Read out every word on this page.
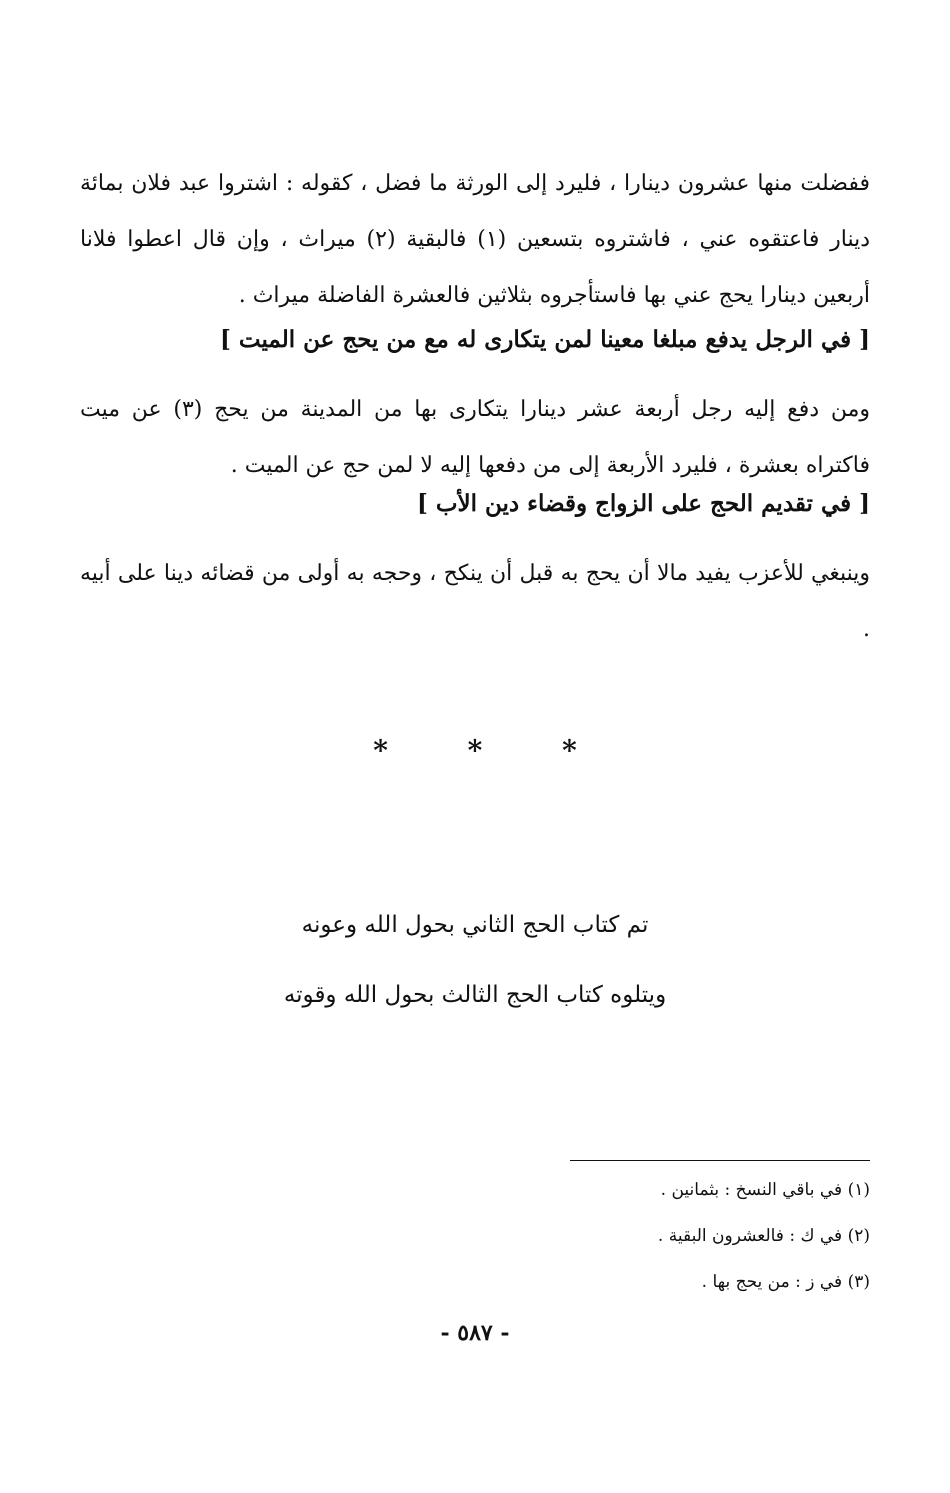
ففضلت منها عشرون دينارا ، فليرد إلى الورثة ما فضل ، كقوله : اشتروا عبد فلان بمائة دينار فاعتقوه عني ، فاشتروه بتسعين (١) فالبقية (٢) ميراث ، وإن قال اعطوا فلانا أربعين دينارا يحج عني بها فاستأجروه بثلاثين فالعشرة الفاضلة ميراث .
[ في الرجل يدفع مبلغا معينا لمن يتكارى له مع من يحج عن الميت ]
ومن دفع إليه رجل أربعة عشر دينارا يتكارى بها من المدينة من يحج (٣) عن ميت فاكتراه بعشرة ، فليرد الأربعة إلى من دفعها إليه لا لمن حج عن الميت .
[ في تقديم الحج على الزواج وقضاء دين الأب ]
وينبغي للأعزب يفيد مالا أن يحج به قبل أن ينكح ، وحجه به أولى من قضائه دينا على أبيه .
*	*	*
تم كتاب الحج الثاني بحول الله وعونه
ويتلوه كتاب الحج الثالث بحول الله وقوته
(١) في باقي النسخ : بثمانين .
(٢) في ك : فالعشرون البقية .
(٣) في ز : من يحج بها .
- ٥٨٧ -
